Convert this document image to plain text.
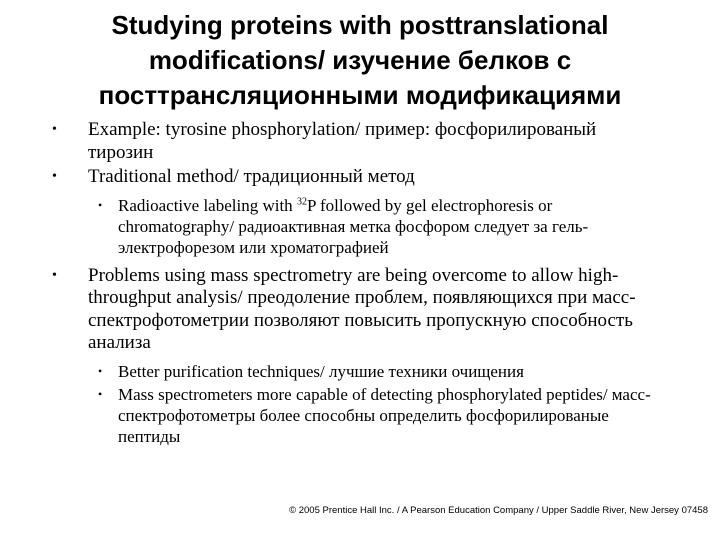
Studying proteins with posttranslational
modifications/ изучение белков с
посттрансляционными модификациями
• Example: tyrosine phosphorylation/ пример: фосфорилированый тирозин
• Traditional method/ традиционный метод
• Radioactive labeling with $^{32}$P followed by gel electrophoresis or chromatography/ радиоактивная метка фосфором следует за гель-электрофорезом или хроматографией
• Problems using mass spectrometry are being overcome to allow high-throughput analysis/ преодоление проблем, появляющихся при масс-спектрофотометрии позволяют повысить пропускную способность анализа
• Better purification techniques/ лучшие техники очищения
• Mass spectrometers more capable of detecting phosphorylated peptides/ масс-спектрофотометры более способны определить фосфорилированые пептиды
© 2005 Prentice Hall Inc. / A Pearson Education Company / Upper Saddle River, New Jersey 07458
